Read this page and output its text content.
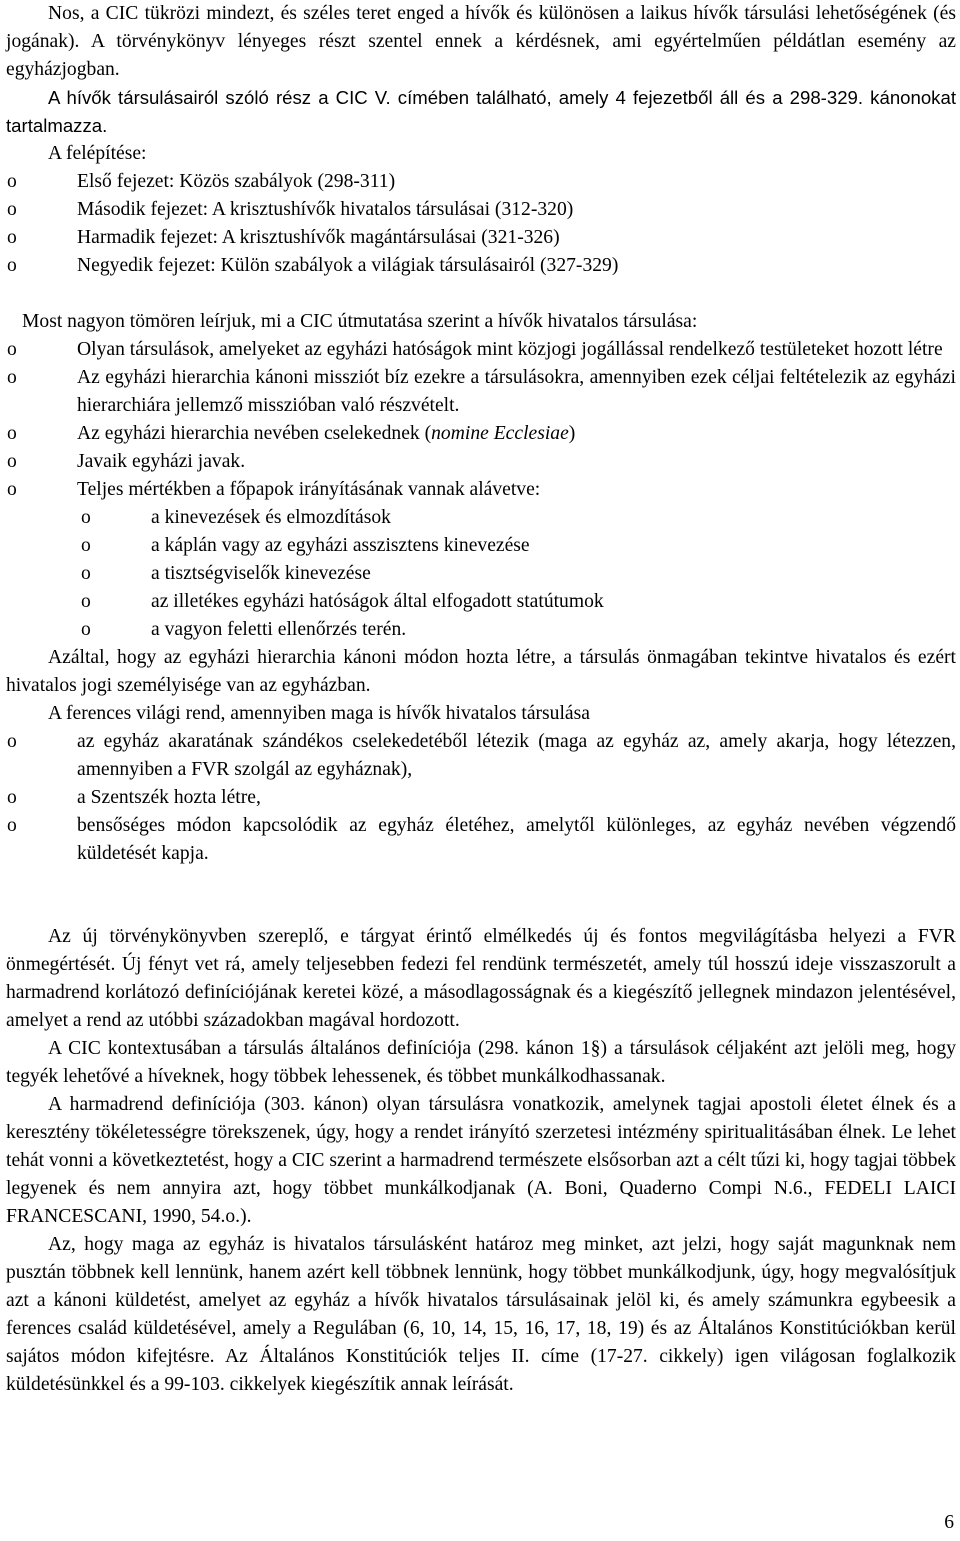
Nos, a CIC tükrözi mindezt, és széles teret enged a hívők és különösen a laikus hívők társulási lehetőségének (és jogának). A törvénykönyv lényeges részt szentel ennek a kérdésnek, ami egyértelműen példátlan esemény az egyházjogban.

A hívők társulásairól szóló rész a CIC V. címében található, amely 4 fejezetből áll és a 298-329. kánonokat tartalmazza.

A felépítése:

o	Első fejezet: Közös szabályok (298-311)
o	Második fejezet: A krisztushívők hivatalos társulásai (312-320)
o	Harmadik fejezet: A krisztushívők magántársulásai (321-326)
o	Negyedik fejezet: Külön szabályok a világiak társulásairól (327-329)

Most nagyon tömören leírjuk, mi a CIC útmutatása szerint a hívők hivatalos társulása:

o	Olyan társulások, amelyeket az egyházi hatóságok mint közjogi jogállással rendelkező testületeket hozott létre
o	Az egyházi hierarchia kánoni missziót bíz ezekre a társulásokra, amennyiben ezek céljai feltételezik az egyházi hierarchiára jellemző misszióban való részvételt.
o	Az egyházi hierarchia nevében cselekednek (nomine Ecclesiae)
o	Javaik egyházi javak.
o	Teljes mértékben a főpapok irányításának vannak alávetve:
o	a kinevezések és elmozdítások
o	a káplán vagy az egyházi asszisztens kinevezése
o	a tisztségviselők kinevezése
o	az illetékes egyházi hatóságok által elfogadott statútumok
o	a vagyon feletti ellenőrzés terén.

Azáltal, hogy az egyházi hierarchia kánoni módon hozta létre, a társulás önmagában tekintve hivatalos és ezért hivatalos jogi személyisége van az egyházban.

A ferences világi rend, amennyiben maga is hívők hivatalos társulása

o	az egyház akaratának szándékos cselekedetéből létezik (maga az egyház az, amely akarja, hogy létezzen, amennyiben a FVR szolgál az egyháznak),
o	a Szentszék hozta létre,
o	bensőséges módon kapcsolódik az egyház életéhez, amelytől különleges, az egyház nevében végzendő küldetését kapja.

Az új törvénykönyvben szereplő, e tárgyat érintő elmélkedés új és fontos megvilágításba helyezi a FVR önmegértését. Új fényt vet rá, amely teljesebben fedezi fel rendünk természetét, amely túl hosszú ideje visszaszorult a harmadrend korlátozó definíciójának keretei közé, a másodlagosságnak és a kiegészítő jellegnek mindazon jelentésével, amelyet a rend az utóbbi századokban magával hordozott.

A CIC kontextusában a társulás általános definíciója (298. kánon 1§) a társulások céljaként azt jelöli meg, hogy tegyék lehetővé a híveknek, hogy többek lehessenek, és többet munkálkodhassanak.

A harmadrend definíciója (303. kánon) olyan társulásra vonatkozik, amelynek tagjai apostoli életet élnek és a keresztény tökéletességre törekszenek, úgy, hogy a rendet irányító szerzetesi intézmény spiritualitásában élnek. Le lehet tehát vonni a következtetést, hogy a CIC szerint a harmadrend természete elsősorban azt a célt tűzi ki, hogy tagjai többek legyenek és nem annyira azt, hogy többet munkálkodjanak (A. Boni, Quaderno Compi N.6., FEDELI LAICI FRANCESCANI, 1990, 54.o.).

Az, hogy maga az egyház is hivatalos társulásként határoz meg minket, azt jelzi, hogy saját magunknak nem pusztán többnek kell lennünk, hanem azért kell többnek lennünk, hogy többet munkálkodjunk, úgy, hogy megvalósítjuk azt a kánoni küldetést, amelyet az egyház a hívők hivatalos társulásainak jelöl ki, és amely számunkra egybeesik a ferences család küldetésével, amely a Regulában (6, 10, 14, 15, 16, 17, 18, 19) és az Általános Konstitúciókban kerül sajátos módon kifejtésre. Az Általános Konstitúciók teljes II. címe (17-27. cikkely) igen világosan foglalkozik küldetésünkkel és a 99-103. cikkelyek kiegészítik annak leírását.

6
